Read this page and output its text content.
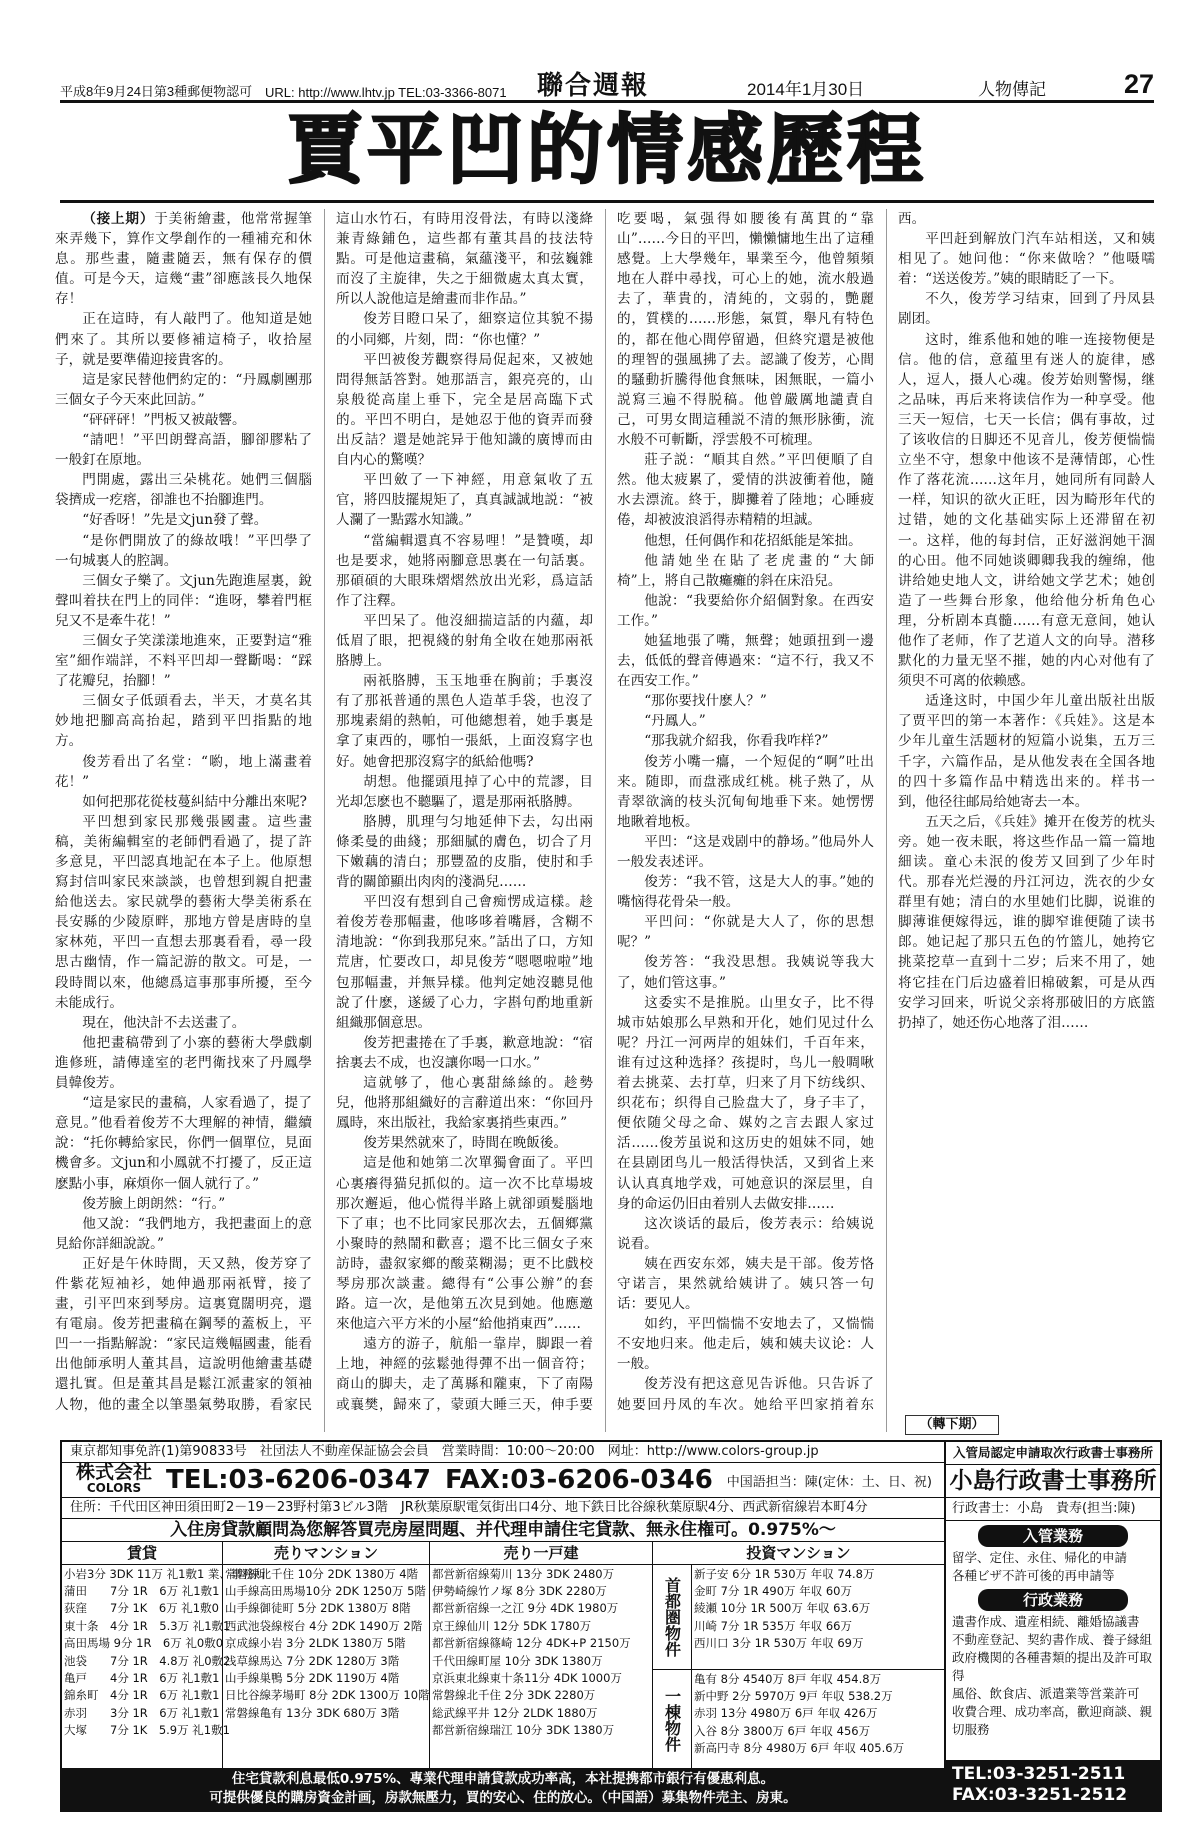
平成8年9月24日第3種郵便物認可 URL: http://www.lhtv.jp TEL:03-3366-8071	聯合週報	2014年1月30日	人物傳記	27
賈平凹的情感歷程

（接上期）于美術繪畫，他常常握筆來弄幾下，算作文學創作的一種補充和休息。那些畫，隨畫隨丟，無有保存的價值。可是今天，這幾“畫”卻應該長久地保存！

正在這時，有人敲門了。他知道是她們來了。其所以要修補這椅子，收拾屋子，就是要準備迎接貴客的。

這是家民替他們約定的：“丹鳳劇團那三個女子今天來此回訪。”

“砰砰砰！”門板又被敲響。

“請吧！”平凹朗聲高語，腳卻膠粘了一般釘在原地。

門開處，露出三朵桃花。她們三個腦袋擠成一疙瘩，卻誰也不抬腳進門。

“好香呀！”先是文jun發了聲。

“是你們開放了的綠故哦！”平凹學了一句城裏人的腔調。

三個女子樂了。文jun先跑進屋裏，銳聲叫着扶在門上的同伴：“進呀，攀着門框兒又不是牽牛花！”

三個女子笑漾漾地進來，正要對這“雅室”細作端詳，不料平凹却一聲斷喝：“踩了花瓣兒，抬腳！”

三個女子低頭看去，半天，才莫名其妙地把腳高高抬起，踏到平凹指點的地方。

俊芳看出了名堂：“喲，地上滿畫着花！”

如何把那花從枝蔓糾結中分離出來呢?

平凹想到家民那幾張國畫。這些畫稿，美術編輯室的老師們看過了，提了許多意見，平凹認真地記在本子上。他原想寫封信叫家民來談談，也曾想到親自把畫給他送去。家民就學的藝術大學美術系在長安縣的少陵原畔，那地方曾是唐時的皇家林苑，平凹一直想去那裏看看，尋一段思古幽情，作一篇記游的散文。可是，一段時間以來，他總爲這事那事所擾，至今未能成行。

現在，他決計不去送畫了。

他把畫稿帶到了小寨的藝術大學戲劇進修班，請傳達室的老門衛找來了丹鳳學員韓俊芳。

“這是家民的畫稿，人家看過了，提了意見。”他看着俊芳不大理解的神情，繼續說：“托你轉給家民，你們一個單位，見面機會多。文jun和小鳳就不打擾了，反正這麽點小事，麻煩你一個人就行了。”

俊芳臉上朗朗然：“行。”

他又說：“我們地方，我把畫面上的意見給你詳細說說。”

正好是午休時間，天又熱，俊芳穿了件紫花短袖衫，她伸過那兩祇臂，接了畫，引平凹來到琴房。這裏寬闊明亮，還有電扇。俊芳把畫稿在鋼琴的蓋板上，平凹一一指點解說：“家民這幾幅國畫，能看出他師承明人董其昌，這說明他繪畫基礎還扎實。但是董其昌是鬆江派畫家的領袖人物，他的畫全以筆墨氣勢取勝，看家民這山水竹石，有時用沒骨法，有時以淺絳兼青綠鋪色，這些都有董其昌的技法特點。可是他這畫稿，氣蘊淺平，和弦巍雜而沒了主旋律，失之于細微處太真太實，所以人說他這是繪畫而非作品。”

俊芳目瞪口呆了，細察這位其貌不揚的小同鄉，片刻，問：“你也懂？”

平凹被俊芳觀察得局促起來，又被她問得無話答對。她那語言，銀亮亮的，山泉般從高崖上垂下，完全是居高臨下式的。平凹不明白，是她忍于他的資弄而發出反詰？還是她詫异于他知識的廣博而由自内心的驚嘆？

平凹斂了一下神經，用意氣收了五官，將四肢擺規矩了，真真誠誠地説：“被人瀾了一點露水知識。”

“當編輯還真不容易哩！”是贊嘆，却也是要求，她將兩腳意思裏在一句話裏。那碩碩的大眼珠熠熠然放出光彩，爲這話作了注釋。

平凹呆了。他沒細揣這話的内蘊，却低眉了眼，把視綫的射角全收在她那兩祇胳膊上。

兩祇胳膊，玉玉地垂在胸前；手裏沒有了那祇普通的黑色人造革手袋，也沒了那塊素絹的熱帕，可他總想着，她手裏是拿了東西的，哪怕一張紙，上面沒寫字也好。她會把那沒寫字的紙給他嗎?

胡想。他擺頭甩掉了心中的荒謬，目光却怎麽也不聽驅了，還是那兩祇胳膊。

胳膊，肌理勻匀地延伸下去，勾出兩條柔曼的曲綫；那細膩的膚色，切合了月下嫩藕的清白；那豐盈的皮脂，使肘和手背的關節顯出肉肉的淺渦兒……

平凹沒有想到自己會痴愣成這樣。趁着俊芳卷那幅畫，他哆哆着嘴唇，含糊不清地說：“你到我那兒來。”話出了口，方知荒唐，忙要改口，却見俊芳“嗯嗯啦啦”地包那幅畫，并無异樣。他判定她沒聽見他說了什麽，遂緩了心力，字斟句酌地重新組織那個意思。

俊芳把畫捲在了手裏，歉意地說：“宿捨裏去不成，也沒讓你喝一口水。”

這就够了，他心裏甜絲絲的。趁勢兒，他將那組織好的言辭道出來：“你回丹鳳時，來出版社，我給家裏捎些東西。”

俊芳果然就來了，時間在晚飯後。

這是他和她第二次單獨會面了。平凹心裏癢得猫兒抓似的。這一次不比草場坡那次邂逅，他心慌得半路上就卻頭髮腦地下了車；也不比同家民那次去，五個鄉黨小聚時的熱鬧和歡喜；還不比三個女子來訪時，盡叙家鄉的酸菜糊湯；更不比戲校琴房那次談畫。總得有“公事公辦”的套路。這一次，是他第五次見到她。他應邀來他這六平方米的小屋“給他捎東西”……

遠方的游子，航船一靠岸，脚跟一着上地，神經的弦鬆弛得彈不出一個音符；商山的脚夫，走了萬縣和隴東，下了南陽或襄樊，歸來了，蒙頭大睡三天，伸手要吃要喝，氣强得如腰後有萬貫的“靠山”……今日的平凹，懶懶慵地生出了這種感覺。上大學幾年，畢業至今，他曾頻頻地在人群中尋找，可心上的她，流水般過去了，華貴的，清純的，文弱的，艷麗的，質樸的……形態，氣質，舉凡有特色的，都在他心間停留過，但終究還是被他的理智的强風拂了去。認識了俊芳，心間的騷動折騰得他食無味，困無眠，一篇小説寫三遍不得脱稿。他曾嚴厲地譴責自己，可男女間這種説不清的無形脉衝，流水般不可斬斷，浮雲般不可梳理。

莊子説：“順其自然。”平凹便順了自然。他太疲累了，愛情的洪波衝着他，隨水去漂流。終于，脚攤着了陸地；心睡疲倦，却被波浪滔得赤精精的坦誠。

他想，任何偶作和花招紙能是笨拙。

他請她坐在貼了老虎畫的“大師椅”上，將自己散癱癱的斜在床沿兒。

他說：“我要給你介紹個對象。在西安工作。”

她猛地張了嘴，無聲；她頭扭到一邊去，低低的聲音傳過來：“這不行，我又不在西安工作。”

“那你要找什麽人？”

“丹鳳人。”

“那我就介紹我，你看我咋样?”

俊芳小嘴一癟，一个短促的“啊”吐出来。随即，而盘涨成红桃。桃子熟了，从青翠欲滴的枝头沉甸甸地垂下来。她愣愣地瞅着地板。

平凹：“这是戏剧中的静场。”他局外人一般发表述评。

俊芳：“我不管，这是大人的事。”她的嘴恼得花骨朵一般。

平凹问：“你就是大人了，你的思想呢？”

俊芳答：“我没思想。我姨说等我大了，她们管这事。”

这委实不是推脱。山里女子，比不得城市姑娘那么早熟和开化，她们见过什么呢？丹江一河两岸的姐妹们，千百年来，谁有过这种选择？孩提时，鸟儿一般啁啾着去挑菜、去打草，归来了月下纺线织、织花布；织得自己脸盘大了，身子丰了，便依随父母之命、媒妁之言去跟人家过活……俊芳虽说和这历史的姐妹不同，她在县剧团鸟儿一般活得快活，又到省上来认认真真地学戏，可她意识的深层里，自身的命运仍旧由着别人去做安排……

这次谈话的最后，俊芳表示：给姨说说看。

姨在西安东郊，姨夫是干部。俊芳恪守诺言，果然就给姨讲了。姨只答一句话：要见人。

如约，平凹惴惴不安地去了，又惴惴不安地归来。他走后，姨和姨夫议论：人一般。

俊芳没有把这意见告诉他。只告诉了她要回丹凤的车次。她给平凹家捎着东西。

平凹赶到解放门汽车站相送，又和姨相见了。她问他：“你来做啥？”他嗫嚅着：“送送俊芳。”姨的眼睛眨了一下。

不久，俊芳学习结束，回到了丹凤县剧团。

这时，维系他和她的唯一连接物便是信。他的信，意蕴里有迷人的旋律，感人，逗人，摄人心魂。俊芳始则警惕，继之品味，再后来将读信作为一种享受。他三天一短信，七天一长信；偶有事故，过了该收信的日脚还不见音儿，俊芳便惴惴立坐不守，想象中他该不是薄情郎，心性作了落花流……这年月，她同所有同龄人一样，知识的欲火正旺，因为畸形年代的过错，她的文化基础实际上还滞留在初一。这样，他的每封信，正好滋润她干涸的心田。他不同她谈卿卿我我的缠绵，他讲给她史地人文，讲给她文学艺术；她创造了一些舞台形象，他给他分析角色心理，分析剧本真髓……有意无意间，她认他作了老师，作了艺道人文的向导。潜移默化的力量无坚不摧，她的内心对他有了须臾不可离的依赖感。

适逢这时，中国少年儿童出版社出版了贾平凹的第一本著作：《兵娃》。这是本少年儿童生活题材的短篇小说集，五万三千字，六篇作品，是从他发表在全国各地的四十多篇作品中精选出来的。样书一到，他径往邮局给她寄去一本。

五天之后，《兵娃》摊开在俊芳的枕头旁。她一夜未眠，将这些作品一篇一篇地細读。童心未泯的俊芳又回到了少年时代。那春光烂漫的丹江河边，洗衣的少女群里有她；清白的水里她们比脚，说谁的脚薄谁便嫁得远，谁的脚窄谁便随了读书郎。她记起了那只五色的竹篮儿，她挎它挑菜挖草一直到十二岁；后来不用了，她将它挂在门后边盛着旧棉破絮，可是从西安学习回来，听说父亲将那破旧的方底篮扔掉了，她还伤心地落了泪……

（轉下期）
東京都知事免許(1)第90833号　社団法人不動産保証協会会員　営業時間：10:00～20:00　网址：http://www.colors-group.jp
株式会社
COLORS TEL:03-6206-0347 FAX:03-6206-0346 中国語担当：陳(定休：土、日、祝)
住所：千代田区神田須田町2－19－23野村第3ビル3階　JR秋葉原駅電気街出口4分、地下鉄日比谷線秋葉原駅4分、西武新宿線岩本町4分
入住房貸款顧問為您解答買売房屋問題、并代理申請住宅貸款、無永住権可。0.975%～
賃貸
小岩3分 3DK 11万 礼1敷1 業、事務所
蒲田　　7分 1R　6万 礼1敷1
荻窪　　7分 1K　6万 礼1敷0
東十条　4分 1R　5.3万 礼1敷1
高田馬場 9分 1R　6万 礼0敷0
池袋　　7分 1R　4.8万 礼0敷2
亀戸　　4分 1R　6万 礼1敷1
錦糸町　4分 1R　6万 礼1敷1
赤羽　　3分 1R　6万 礼1敷1
大塚　　7分 1K　5.9万 礼1敷1
売りマンション
常磐線北千住 10分 2DK 1380万 4階
山手線高田馬場10分 2DK 1250万 5階
山手線御徒町 5分 2DK 1380万 8階
西武池袋線桜台 4分 2DK 1490万 2階
京成線小岩 3分 2LDK 1380万 5階
浅草線馬込 7分 2DK 1280万 3階
山手線巣鴨 5分 2DK 1190万 4階
日比谷線茅場町 8分 2DK 1300万 10階
常磐線亀有 13分 3DK 680万 3階
売り一戸建
都営新宿線菊川 13分 3DK 2480万
伊勢崎線竹ノ塚 8分 3DK 2280万
都営新宿線一之江 9分 4DK 1980万
京王線仙川 12分 5DK 1780万
都営新宿線篠崎 12分 4DK+P 2150万
千代田線町屋 10分 3DK 1380万
京浜東北線東十条11分 4DK 1000万
常磐線北千住 2分 3DK 2280万
総武線平井 12分 2LDK 1880万
都営新宿線瑞江 10分 3DK 1380万
投資マンション
首都圏物件
一棟物件
新子安 6分 1R 530万 年収 74.8万
金町 7分 1R 490万 年収 60万
綾瀬 10分 1R 500万 年収 63.6万
川崎 7分 1R 535万 年収 66万
西川口 3分 1R 530万 年収 69万
亀有 8分 4540万 8戸 年収 454.8万
新中野 2分 5970万 9戸 年収 538.2万
赤羽 13分 4980万 6戸 年収 426万
入谷 8分 3800万 6戸 年収 456万
新高円寺 8分 4980万 6戸 年収 405.6万
住宅貸款利息最低0.975%、專業代理申請貸款成功率高，本社提携都市銀行有優惠利息。
可提供優良的購房資金計画，房款無壓力，買的安心、住的放心。（中国語）募集物件売主、房東。
入管局認定申請取次行政書士事務所
小島行政書士事務所
行政書士：小島　貴寿(担当:陳)
入管業務
留学、定住、永住、帰化的申請
各種ビザ不許可後的再申請等
行政業務
遺書作成、遺産相続、離婚協議書
不動産登記、契約書作成、養子縁組
政府機関的各種書類的提出及許可取得
風俗、飲食店、派遣業等営業許可
收費合理、成功率高，歡迎商談、親切服務
TEL:03-3251-2511
FAX:03-3251-2512
